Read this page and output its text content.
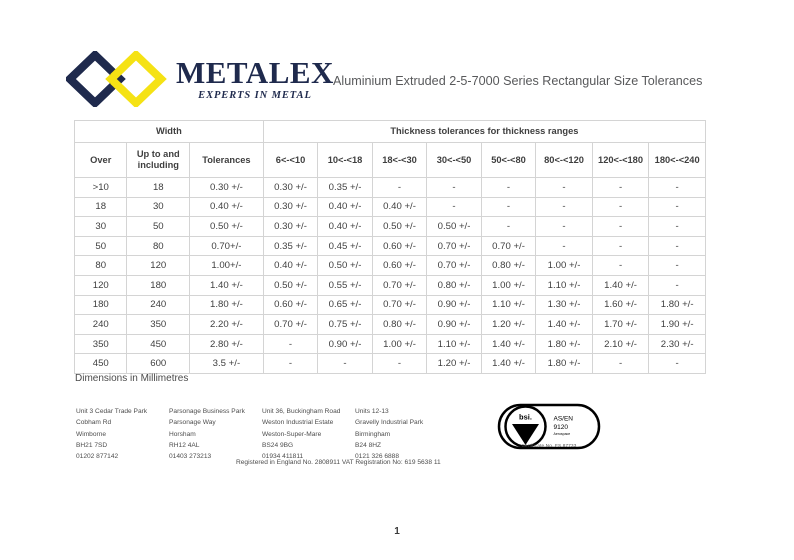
METALEX
EXPERTS IN METAL
Aluminium Extruded 2-5-7000 Series Rectangular Size Tolerances
Width			Thickness tolerances for thickness ranges							
Over	Up to and including	Tolerances	6<-<10	10<-<18	18<-<30	30<-<50	50<-<80	80<-<120	120<-<180	180<-<240
>10	18	0.30 +/-	0.30 +/-	0.35 +/-	-	-	-	-	-	-
18	30	0.40 +/-	0.30 +/-	0.40 +/-	0.40 +/-	-	-	-	-	-
30	50	0.50 +/-	0.30 +/-	0.40 +/-	0.50 +/-	0.50 +/-	-	-	-	-
50	80	0.70+/-	0.35 +/-	0.45 +/-	0.60 +/-	0.70 +/-	0.70 +/-	-	-	-
80	120	1.00+/-	0.40 +/-	0.50 +/-	0.60 +/-	0.70 +/-	0.80 +/-	1.00 +/-	-	-
120	180	1.40 +/-	0.50 +/-	0.55 +/-	0.70 +/-	0.80 +/-	1.00 +/-	1.10 +/-	1.40 +/-	-
180	240	1.80 +/-	0.60 +/-	0.65 +/-	0.70 +/-	0.90 +/-	1.10 +/-	1.30 +/-	1.60 +/-	1.80 +/-
240	350	2.20 +/-	0.70 +/-	0.75 +/-	0.80 +/-	0.90 +/-	1.20 +/-	1.40 +/-	1.70 +/-	1.90 +/-
350	450	2.80 +/-	-	0.90 +/-	1.00 +/-	1.10 +/-	1.40 +/-	1.80 +/-	2.10 +/-	2.30 +/-
450	600	3.5 +/-	-	-	-	1.20 +/-	1.40 +/-	1.80 +/-	-	-
Dimensions in Millimetres
Unit 3 Cedar Trade Park
Cobham Rd
Wimborne
BH21 7SD
01202 877142
Parsonage Business Park
Parsonage Way
Horsham
RH12 4AL
01403 273213
Unit 36, Buckingham Road
Weston Industrial Estate
Weston-Super-Mare
BS24 9BG
01934 411811
Units 12-13
Gravelly Industrial Park
Birmingham
B24 8HZ
0121 326 6888
Registered in England No. 2808911 VAT Registration No: 619 5638 11
bsi. AS/EN
9120
Aerospace
Certificate No. FS 87733
1
